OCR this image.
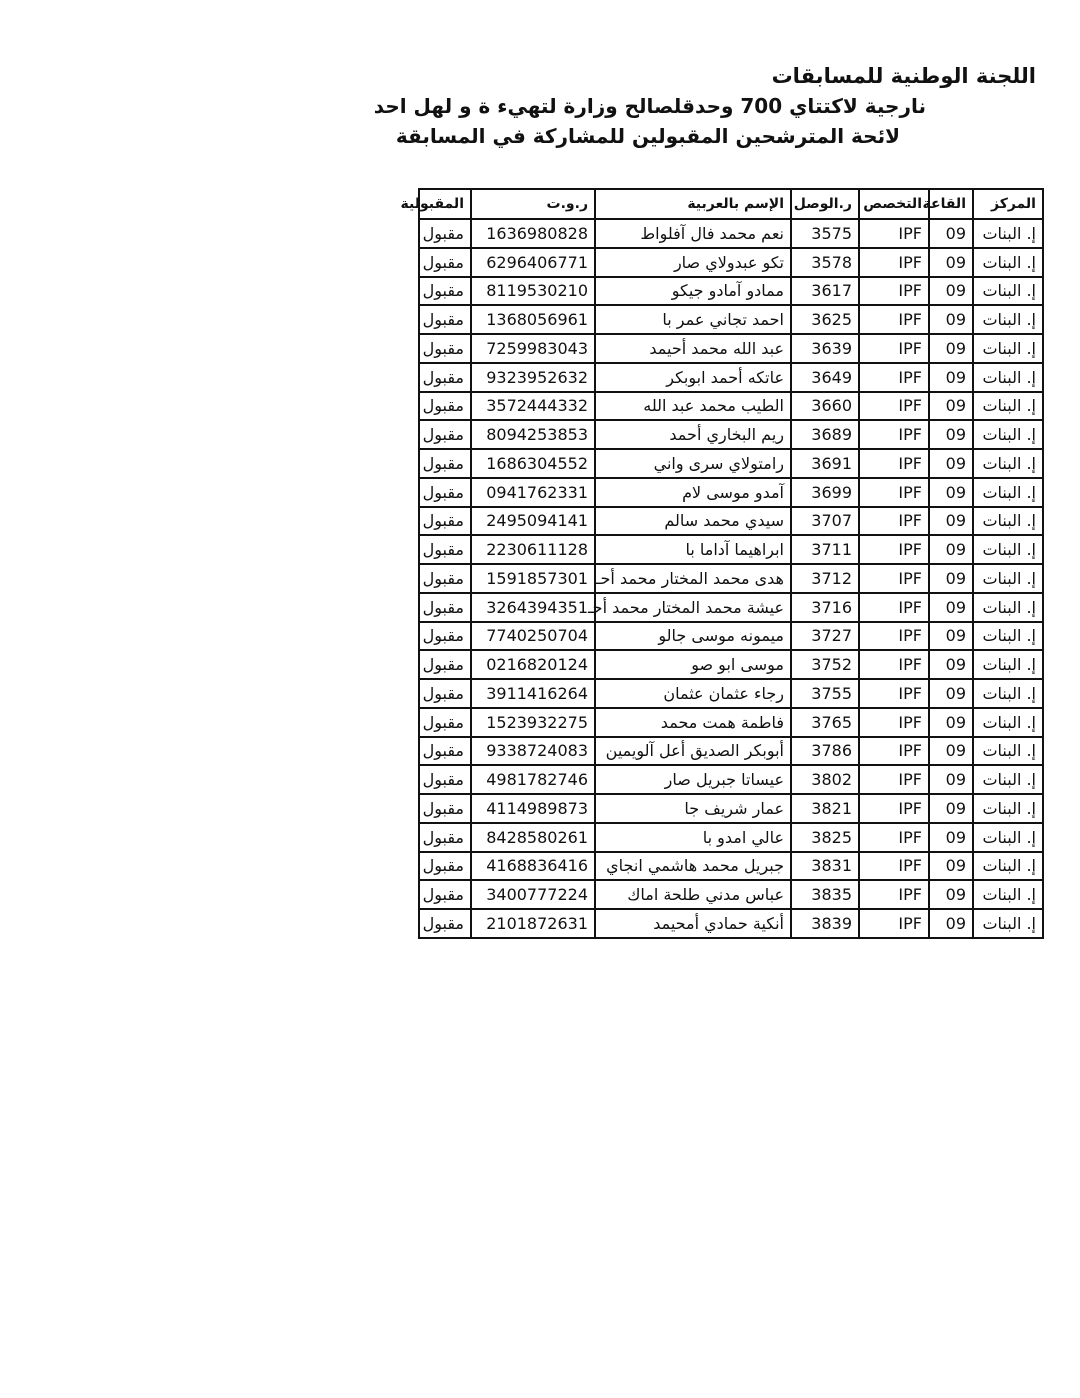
اللجنة الوطنية للمسابقات
نارجية لاكتتاي 700 وحدقلصالح وزارة لتهيء ة و لهل احد
لائحة المترشحين المقبولين للمشاركة في المسابقة
المركز	القاعة	التخصص	ر.الوصل	الإسم بالعربية	ر.و.ت	المقبولية
إ. البنات	09	IPF	3575	نعم محمد فال آفلواط	1636980828	مقبول
إ. البنات	09	IPF	3578	تكو عبدولاي صار	6296406771	مقبول
إ. البنات	09	IPF	3617	ممادو آمادو جيكو	8119530210	مقبول
إ. البنات	09	IPF	3625	احمد تجاني عمر با	1368056961	مقبول
إ. البنات	09	IPF	3639	عبد الله محمد أحيمد	7259983043	مقبول
إ. البنات	09	IPF	3649	عاتكه أحمد ابوبكر	9323952632	مقبول
إ. البنات	09	IPF	3660	الطيب محمد عبد الله	3572444332	مقبول
إ. البنات	09	IPF	3689	ريم البخاري أحمد	8094253853	مقبول
إ. البنات	09	IPF	3691	رامتولاي سرى واني	1686304552	مقبول
إ. البنات	09	IPF	3699	آمدو موسى لام	0941762331	مقبول
إ. البنات	09	IPF	3707	سيدي محمد سالم	2495094141	مقبول
إ. البنات	09	IPF	3711	ابراهيما آداما با	2230611128	مقبول
إ. البنات	09	IPF	3712	هدى محمد المختار محمد أحـ	1591857301	مقبول
إ. البنات	09	IPF	3716	عيشة محمد المختار محمد أحـ	3264394351	مقبول
إ. البنات	09	IPF	3727	ميمونه موسى جالو	7740250704	مقبول
إ. البنات	09	IPF	3752	موسى ابو صو	0216820124	مقبول
إ. البنات	09	IPF	3755	رجاء عثمان عثمان	3911416264	مقبول
إ. البنات	09	IPF	3765	فاطمة همت محمد	1523932275	مقبول
إ. البنات	09	IPF	3786	أبوبكر الصديق أعل آلويمين	9338724083	مقبول
إ. البنات	09	IPF	3802	عيساتا جبريل صار	4981782746	مقبول
إ. البنات	09	IPF	3821	عمار شريف جا	4114989873	مقبول
إ. البنات	09	IPF	3825	عالي امدو با	8428580261	مقبول
إ. البنات	09	IPF	3831	جبريل محمد هاشمي انجاي	4168836416	مقبول
إ. البنات	09	IPF	3835	عباس مدني طلحة اماك	3400777224	مقبول
إ. البنات	09	IPF	3839	أنكية حمادي أمحيمد	2101872631	مقبول
